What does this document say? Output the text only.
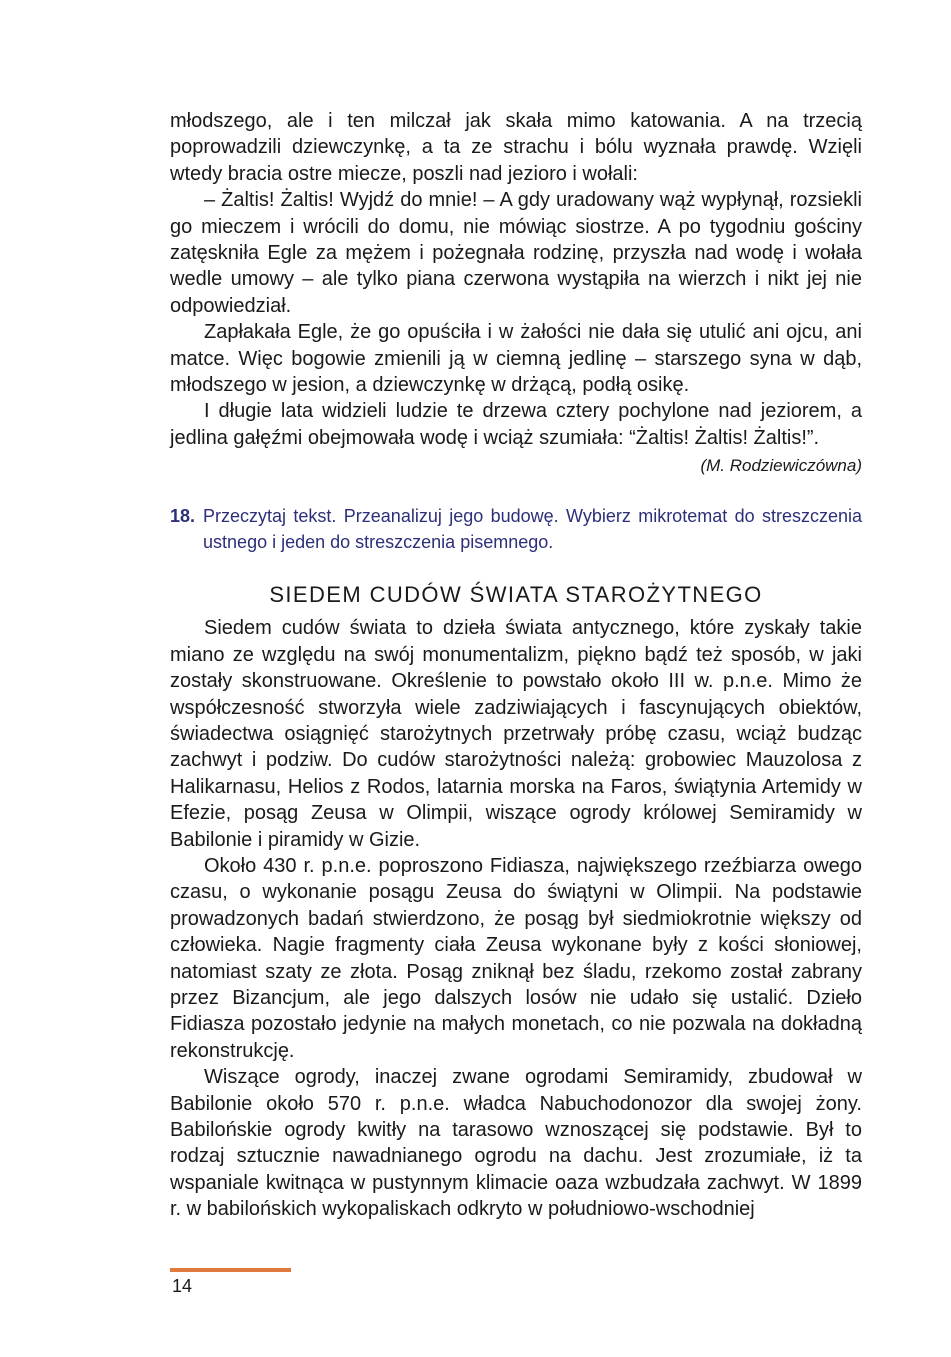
młodszego, ale i ten milczał jak skała mimo katowania. A na trzecią poprowadzili dziewczynkę, a ta ze strachu i bólu wyznała prawdę. Wzięli wtedy bracia ostre miecze, poszli nad jezioro i wołali:

– Żaltis! Żaltis! Wyjdź do mnie! – A gdy uradowany wąż wypłynął, rozsiekli go mieczem i wrócili do domu, nie mówiąc siostrze. A po tygodniu gościny zatęskniła Egle za mężem i pożegnała rodzinę, przyszła nad wodę i wołała wedle umowy – ale tylko piana czerwona wystąpiła na wierzch i nikt jej nie odpowiedział.

Zapłakała Egle, że go opuściła i w żałości nie dała się utulić ani ojcu, ani matce. Więc bogowie zmienili ją w ciemną jedlinę – starszego syna w dąb, młodszego w jesion, a dziewczynkę w drżącą, podłą osikę.

I długie lata widzieli ludzie te drzewa cztery pochylone nad jeziorem, a jedlina gałęźmi obejmowała wodę i wciąż szumiała: “Żaltis! Żaltis! Żaltis!”.

(M. Rodziewiczówna)

18. Przeczytaj tekst. Przeanalizuj jego budowę. Wybierz mikrotemat do streszczenia ustnego i jeden do streszczenia pisemnego.

SIEDEM CUDÓW ŚWIATA STAROŻYTNEGO

Siedem cudów świata to dzieła świata antycznego, które zyskały takie miano ze względu na swój monumentalizm, piękno bądź też sposób, w jaki zostały skonstruowane. Określenie to powstało około III w. p.n.e. Mimo że współczesność stworzyła wiele zadziwiających i fascynujących obiektów, świadectwa osiągnięć starożytnych przetrwały próbę czasu, wciąż budząc zachwyt i podziw. Do cudów starożytności należą: grobowiec Mauzolosa z Halikarnasu, Helios z Rodos, latarnia morska na Faros, świątynia Artemidy w Efezie, posąg Zeusa w Olimpii, wiszące ogrody królowej Semiramidy w Babilonie i piramidy w Gizie.

Około 430 r. p.n.e. poproszono Fidiasza, największego rzeźbiarza owego czasu, o wykonanie posągu Zeusa do świątyni w Olimpii. Na podstawie prowadzonych badań stwierdzono, że posąg był siedmiokrotnie większy od człowieka. Nagie fragmenty ciała Zeusa wykonane były z kości słoniowej, natomiast szaty ze złota. Posąg zniknął bez śladu, rzekomo został zabrany przez Bizancjum, ale jego dalszych losów nie udało się ustalić. Dzieło Fidiasza pozostało jedynie na małych monetach, co nie pozwala na dokładną rekonstrukcję.

Wiszące ogrody, inaczej zwane ogrodami Semiramidy, zbudował w Babilonie około 570 r. p.n.e. władca Nabuchodonozor dla swojej żony. Babilońskie ogrody kwitły na tarasowo wznoszącej się podstawie. Był to rodzaj sztucznie nawadnianego ogrodu na dachu. Jest zrozumiałe, iż ta wspaniale kwitnąca w pustynnym klimacie oaza wzbudzała zachwyt. W 1899 r. w babilońskich wykopaliskach odkryto w południowo-wschodniej

14
